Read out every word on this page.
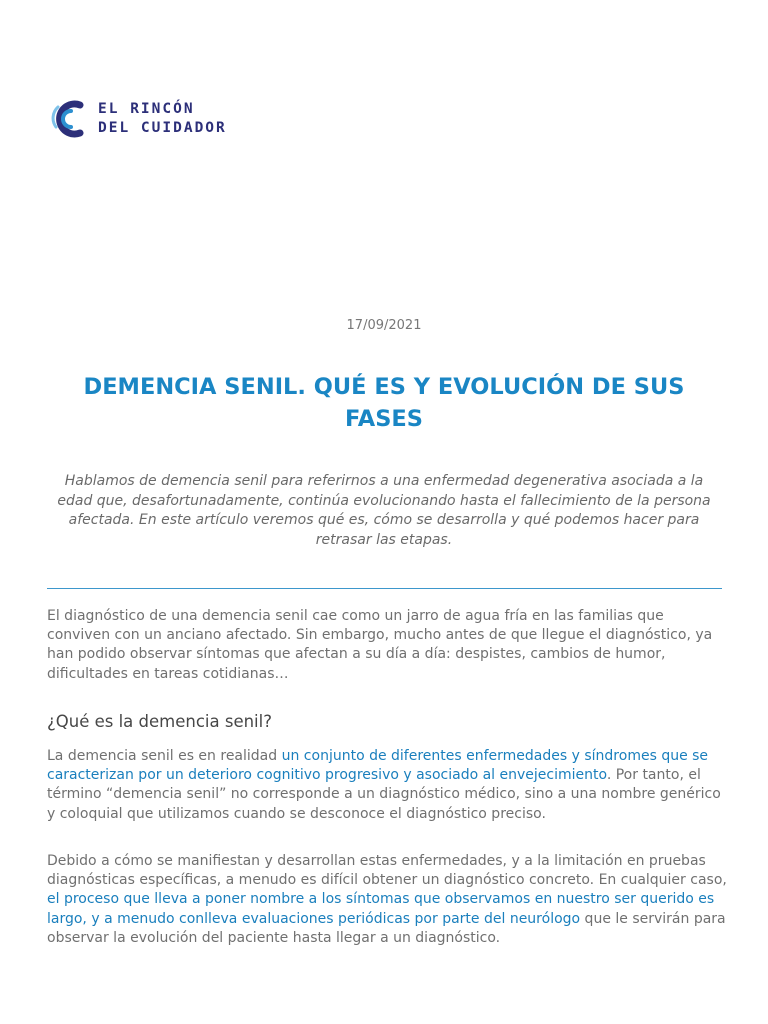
EL RINCÓN
DEL CUIDADOR
17/09/2021
DEMENCIA SENIL. QUÉ ES Y EVOLUCIÓN DE SUS FASES

Hablamos de demencia senil para referirnos a una enfermedad degenerativa asociada a la edad que, desafortunadamente, continúa evolucionando hasta el fallecimiento de la persona afectada. En este artículo veremos qué es, cómo se desarrolla y qué podemos hacer para retrasar las etapas.

El diagnóstico de una demencia senil cae como un jarro de agua fría en las familias que conviven con un anciano afectado. Sin embargo, mucho antes de que llegue el diagnóstico, ya han podido observar síntomas que afectan a su día a día: despistes, cambios de humor, dificultades en tareas cotidianas…

¿Qué es la demencia senil?

La demencia senil es en realidad un conjunto de diferentes enfermedades y síndromes que se caracterizan por un deterioro cognitivo progresivo y asociado al envejecimiento. Por tanto, el término “demencia senil” no corresponde a un diagnóstico médico, sino a una nombre genérico y coloquial que utilizamos cuando se desconoce el diagnóstico preciso.

Debido a cómo se manifiestan y desarrollan estas enfermedades, y a la limitación en pruebas diagnósticas específicas, a menudo es difícil obtener un diagnóstico concreto. En cualquier caso, el proceso que lleva a poner nombre a los síntomas que observamos en nuestro ser querido es largo, y a menudo conlleva evaluaciones periódicas por parte del neurólogo que le servirán para observar la evolución del paciente hasta llegar a un diagnóstico.
